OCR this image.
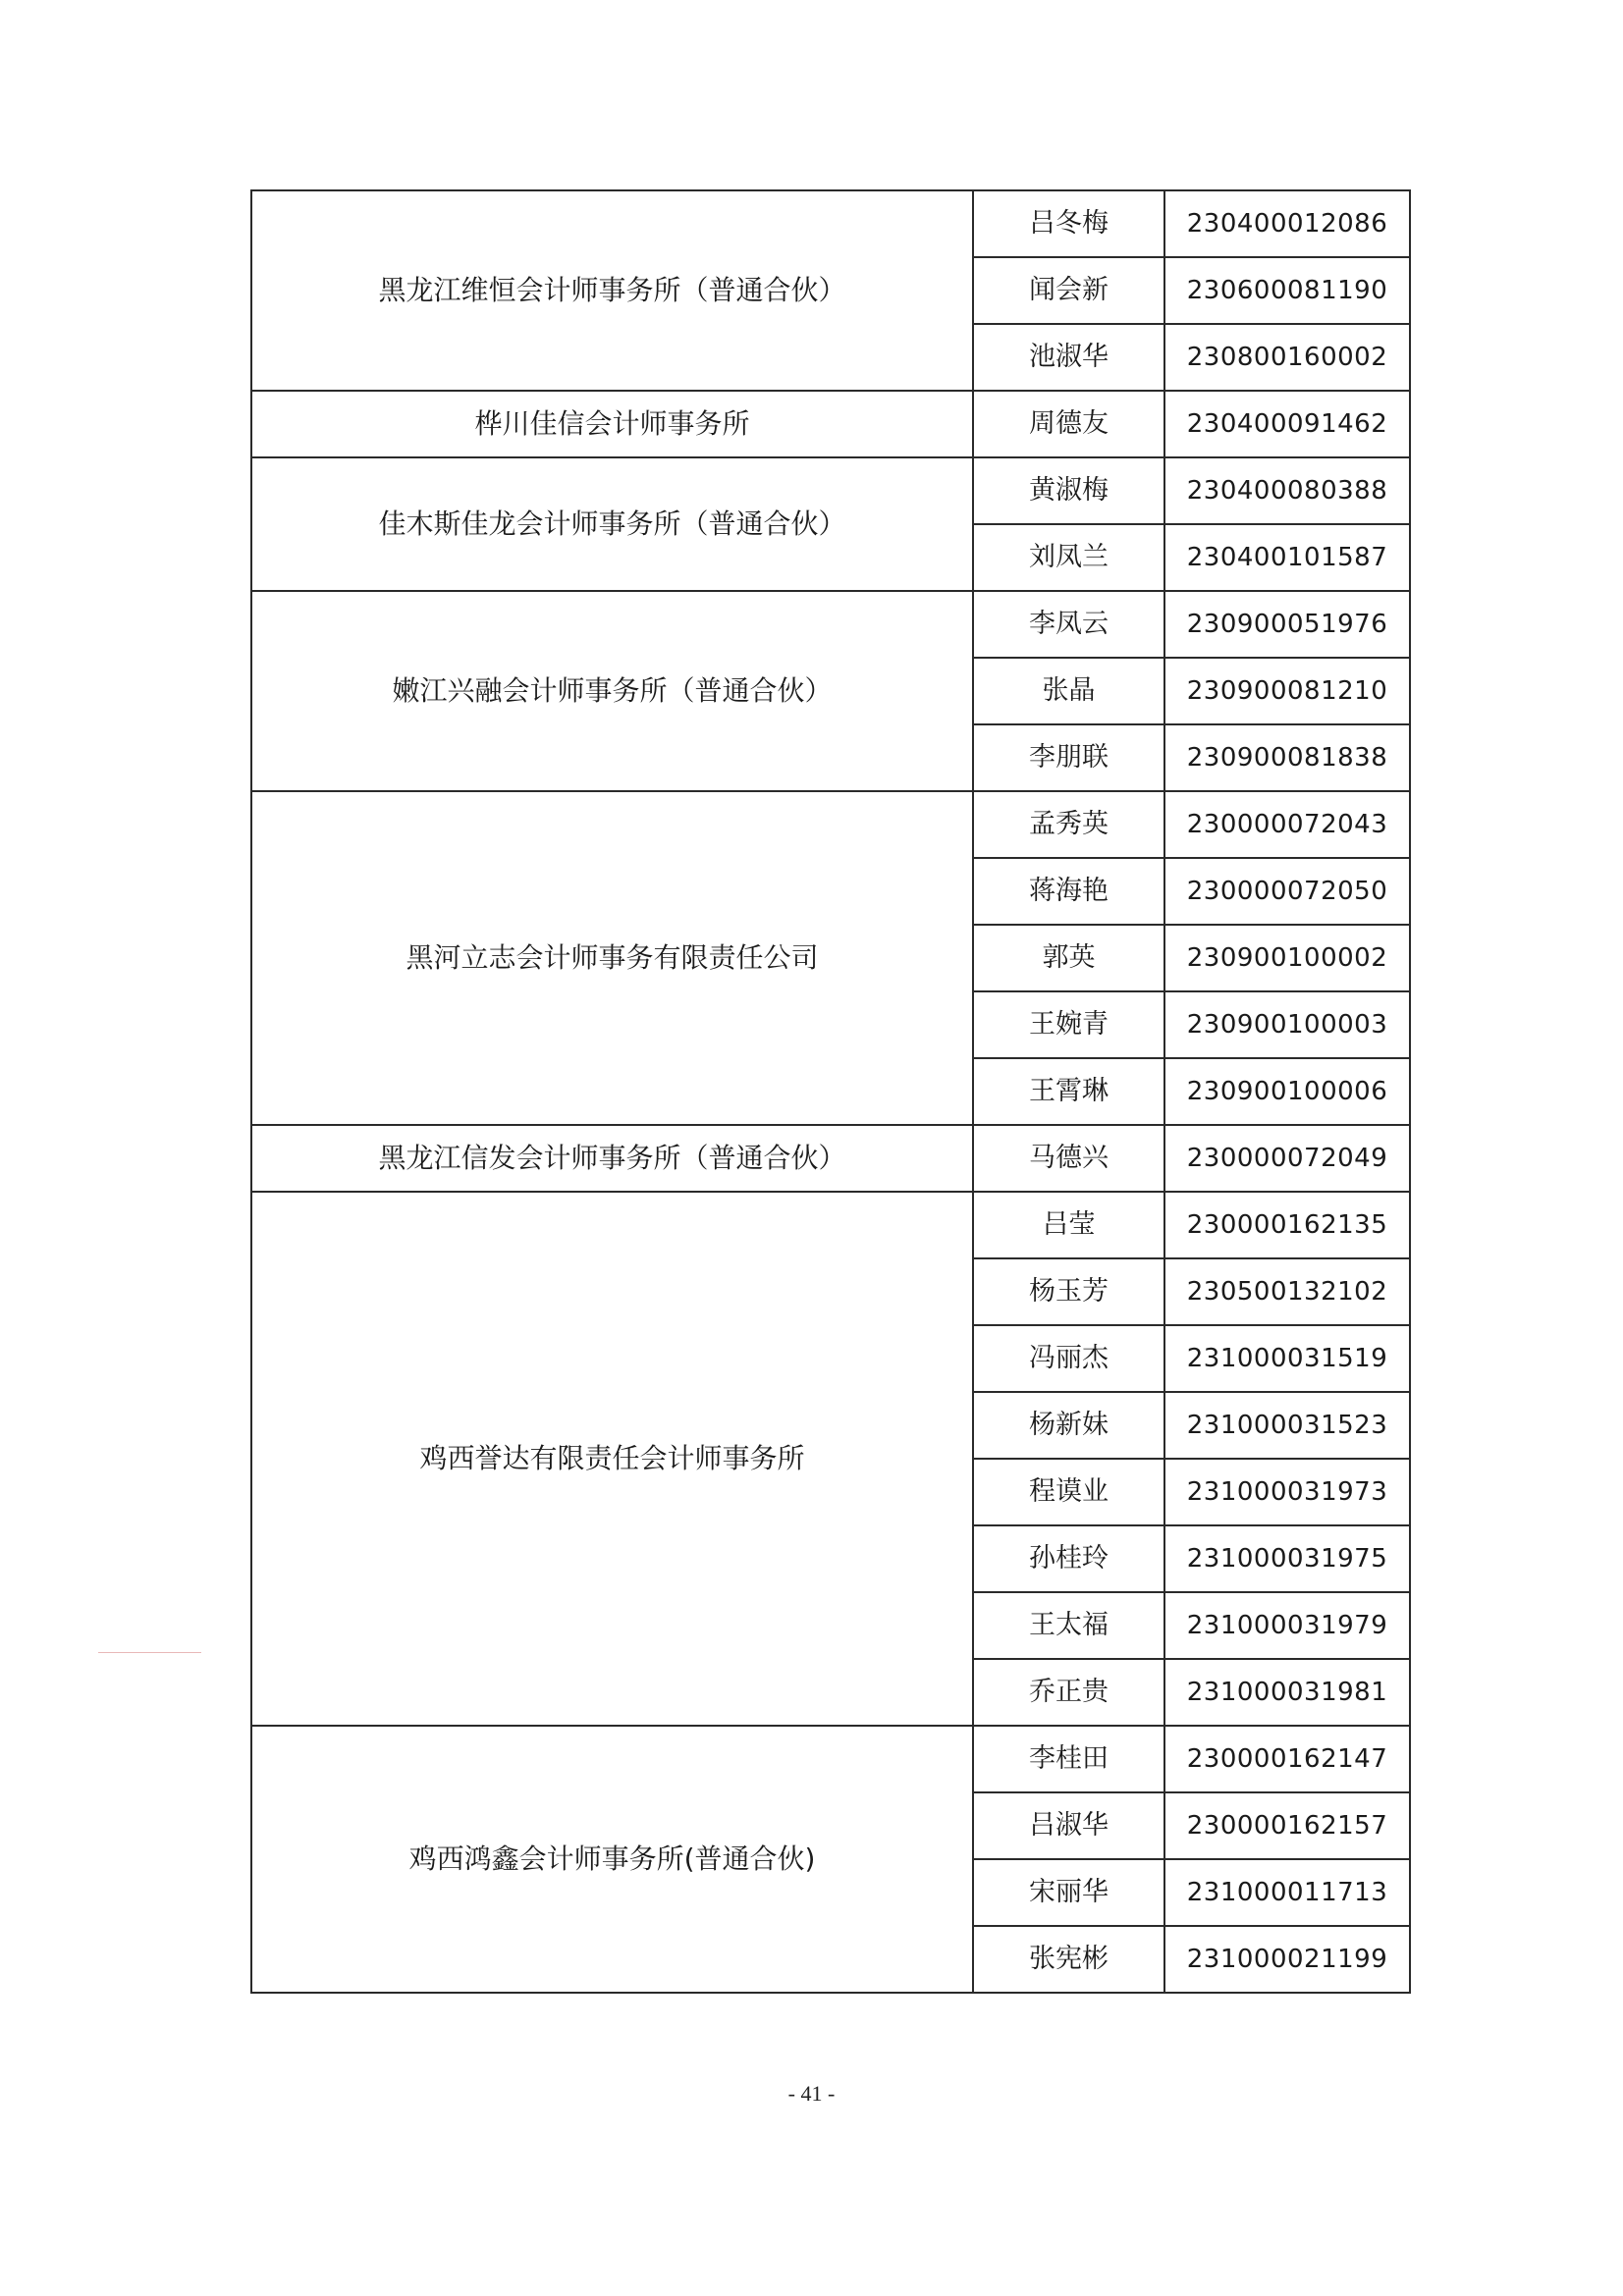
黑龙江维恒会计师事务所（普通合伙）	吕冬梅	230400012086
	闻会新	230600081190
	池淑华	230800160002
桦川佳信会计师事务所	周德友	230400091462
佳木斯佳龙会计师事务所（普通合伙）	黄淑梅	230400080388
	刘凤兰	230400101587
嫩江兴融会计师事务所（普通合伙）	李凤云	230900051976
	张晶	230900081210
	李朋联	230900081838
黑河立志会计师事务有限责任公司	孟秀英	230000072043
	蒋海艳	230000072050
	郭英	230900100002
	王婉青	230900100003
	王霄琳	230900100006
黑龙江信发会计师事务所（普通合伙）	马德兴	230000072049
鸡西誉达有限责任会计师事务所	吕莹	230000162135
	杨玉芳	230500132102
	冯丽杰	231000031519
	杨新妹	231000031523
	程谟业	231000031973
	孙桂玲	231000031975
	王太福	231000031979
	乔正贵	231000031981
鸡西鸿鑫会计师事务所(普通合伙)	李桂田	230000162147
	吕淑华	230000162157
	宋丽华	231000011713
	张宪彬	231000021199
- 41 -
